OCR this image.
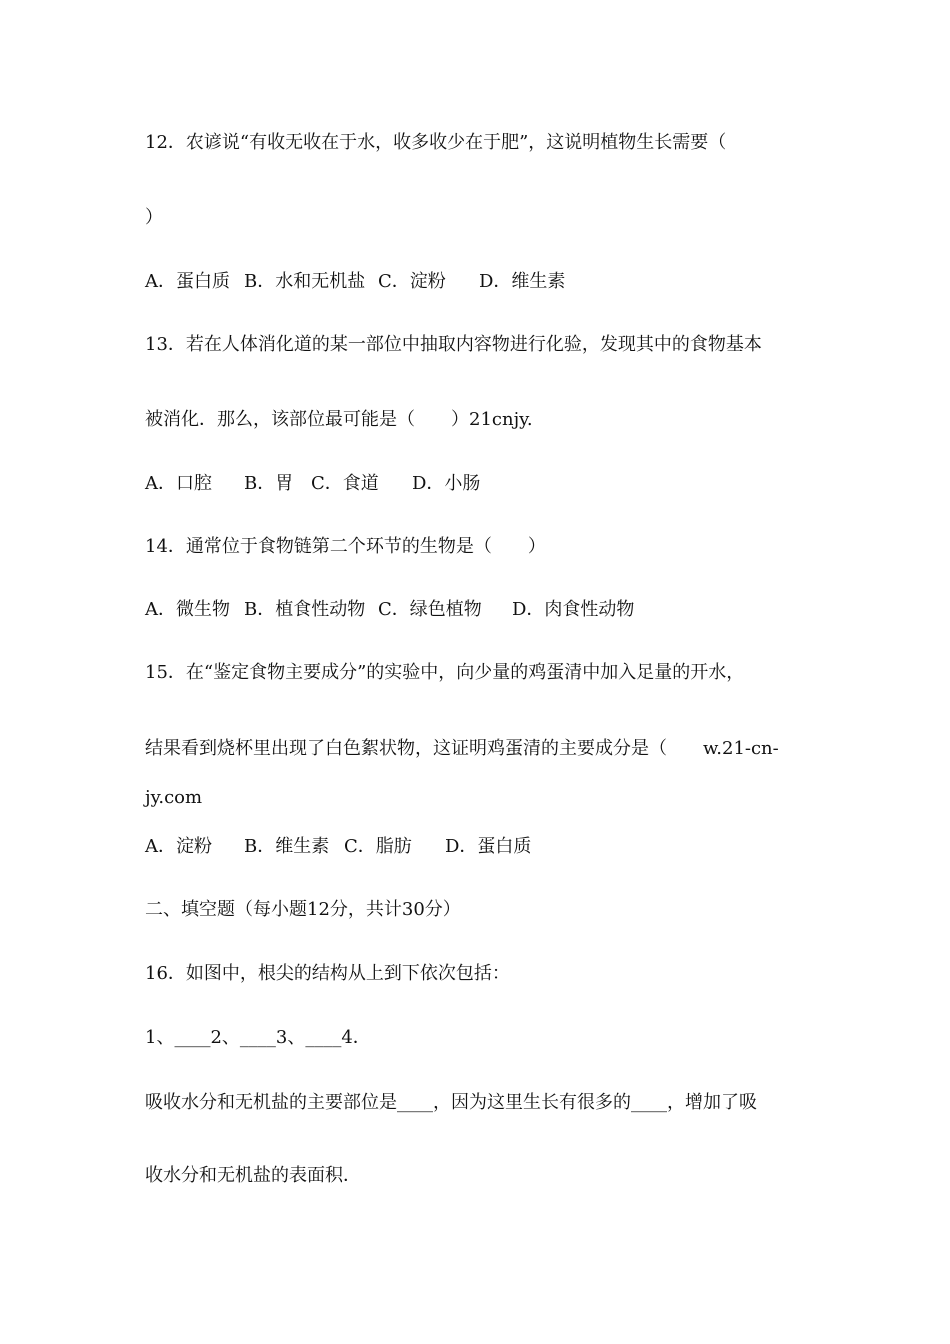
12．农谚说“有收无收在于水，收多收少在于肥”，这说明植物生长需要（
）

A．蛋白质

B．水和无机盐

C．淀粉

D．维生素

13．若在人体消化道的某一部位中抽取内容物进行化验，发现其中的食物基本
被消化．那么，该部位最可能是（　　）21cnjy.

A．口腔

B．胃

C．食道

D．小肠

14．通常位于食物链第二个环节的生物是（　　）

A．微生物

B．植食性动物

C．绿色植物

D．肉食性动物

15．在“鉴定食物主要成分”的实验中，向少量的鸡蛋清中加入足量的开水，
结果看到烧杯里出现了白色絮状物，这证明鸡蛋清的主要成分是（　　w.21-cn-
jy.com

A．淀粉

B．维生素

C．脂肪

D．蛋白质

二、填空题（每小题12分，共计30分）
16．如图中，根尖的结构从上到下依次包括：
1、____2、____3、____4．
吸收水分和无机盐的主要部位是____，因为这里生长有很多的____，增加了吸
收水分和无机盐的表面积．
